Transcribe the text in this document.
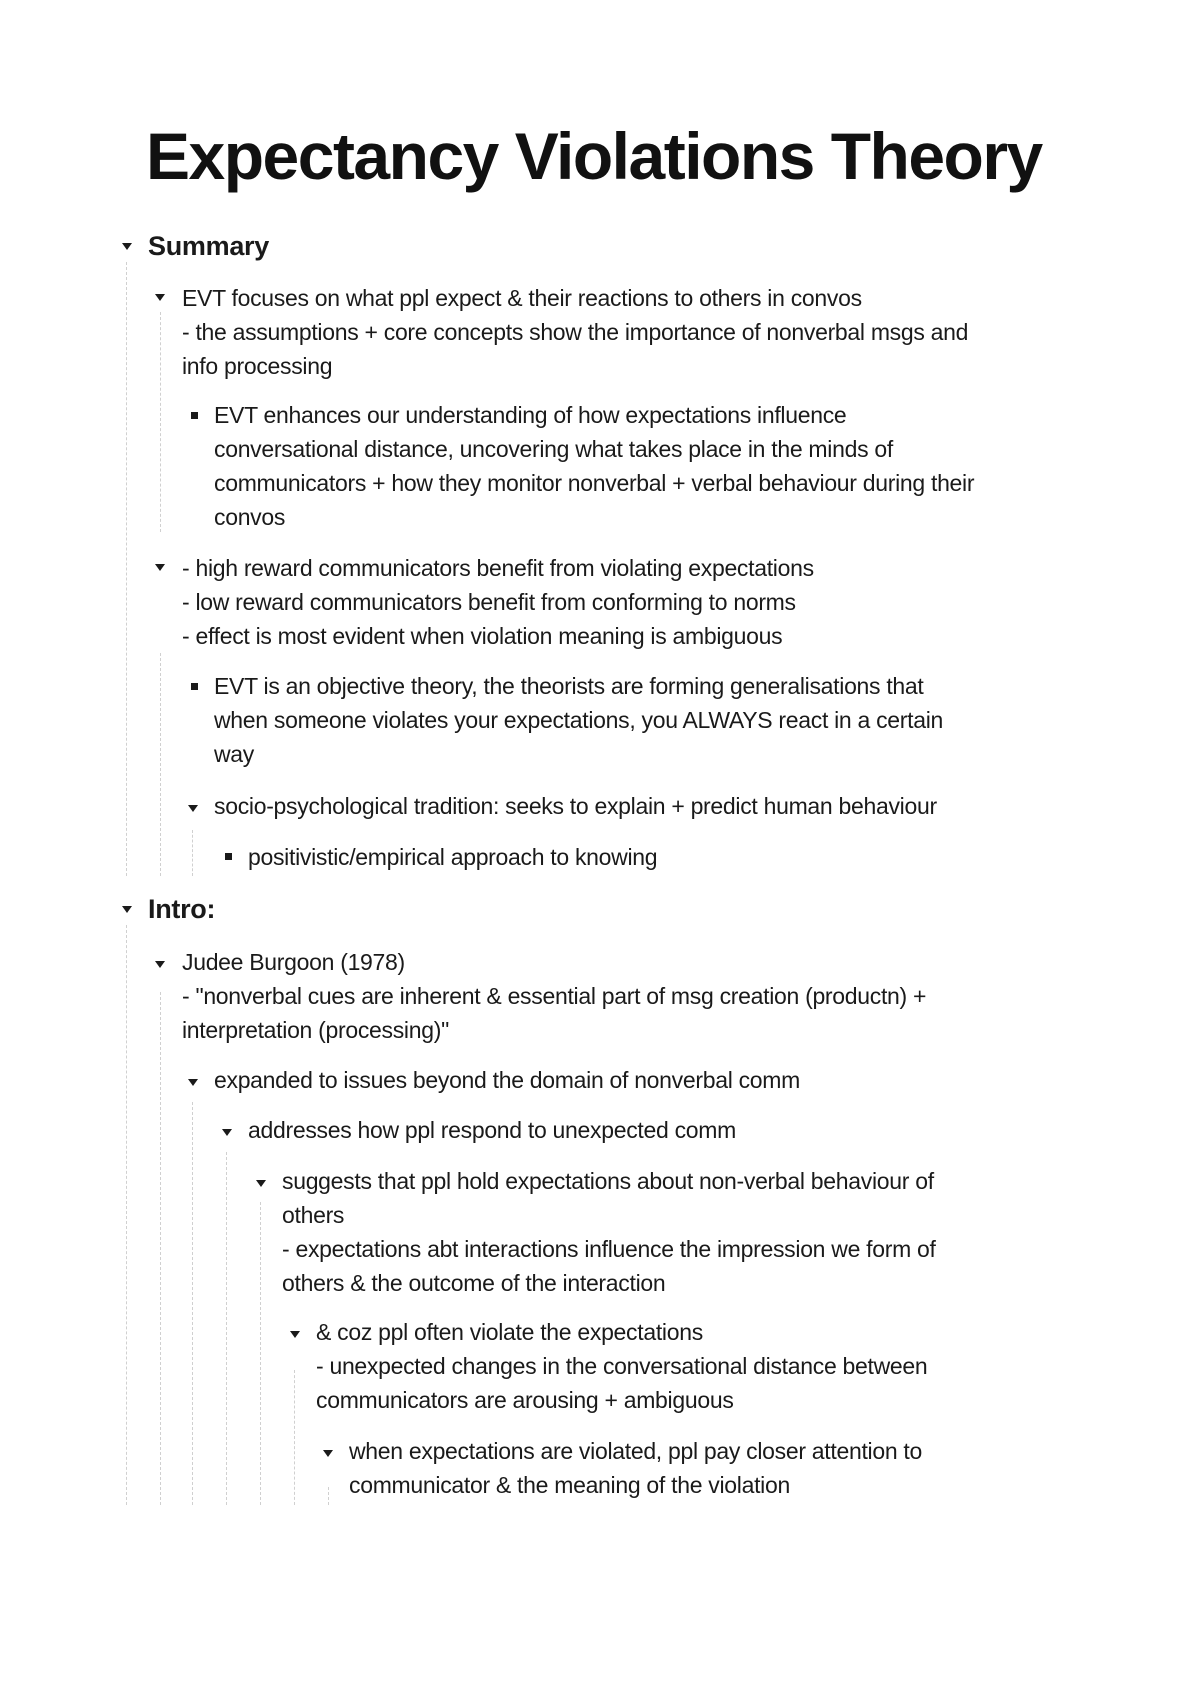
Expectancy Violations Theory
Summary
EVT focuses on what ppl expect & their reactions to others in convos
- the assumptions + core concepts show the importance of nonverbal msgs and
info processing
EVT enhances our understanding of how expectations influence
conversational distance, uncovering what takes place in the minds of
communicators + how they monitor nonverbal + verbal behaviour during their
convos
- high reward communicators benefit from violating expectations
- low reward communicators benefit from conforming to norms
- effect is most evident when violation meaning is ambiguous
EVT is an objective theory, the theorists are forming generalisations that
when someone violates your expectations, you ALWAYS react in a certain
way
socio-psychological tradition: seeks to explain + predict human behaviour
positivistic/empirical approach to knowing
Intro:
Judee Burgoon (1978)
- "nonverbal cues are inherent & essential part of msg creation (productn) +
interpretation (processing)"
expanded to issues beyond the domain of nonverbal comm
addresses how ppl respond to unexpected comm
suggests that ppl hold expectations about non-verbal behaviour of
others
- expectations abt interactions influence the impression we form of
others & the outcome of the interaction
& coz ppl often violate the expectations
- unexpected changes in the conversational distance between
communicators are arousing + ambiguous
when expectations are violated, ppl pay closer attention to
communicator & the meaning of the violation
